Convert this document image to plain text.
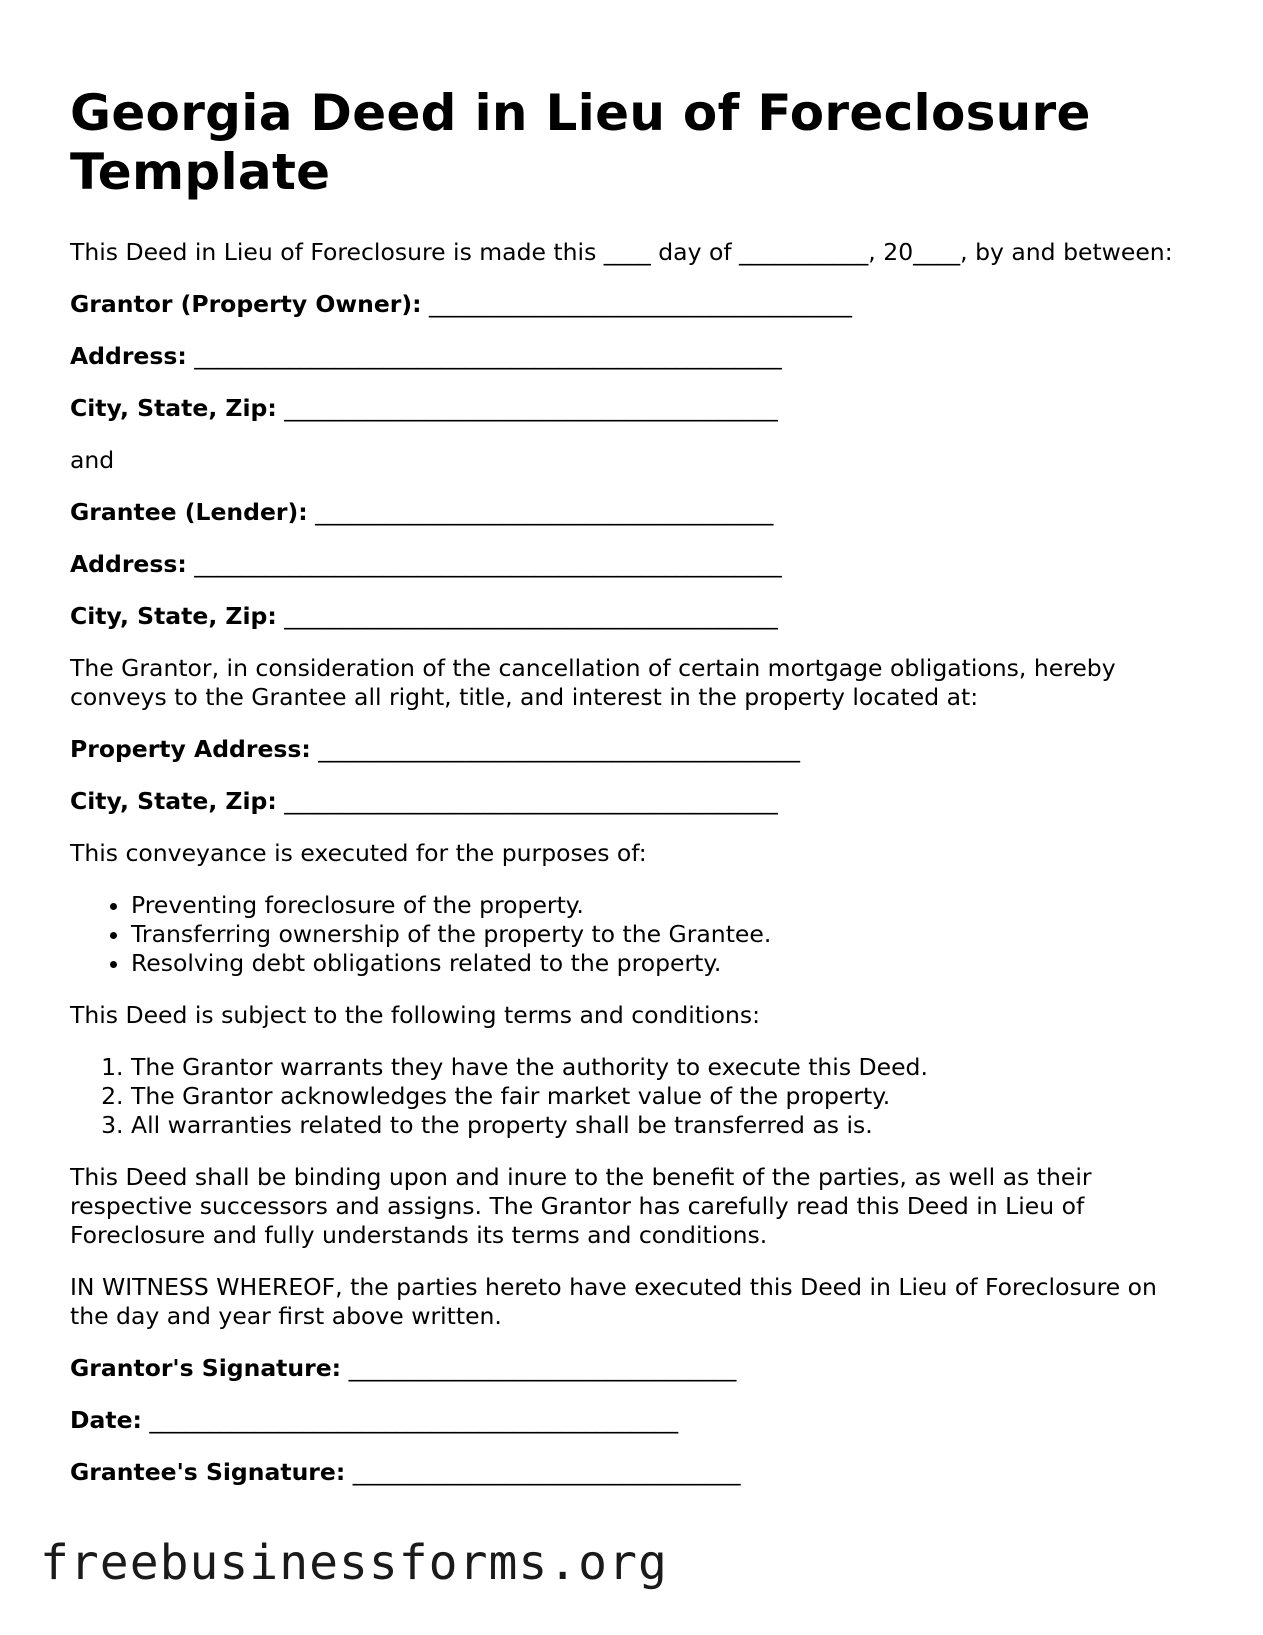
Georgia Deed in Lieu of Foreclosure Template

This Deed in Lieu of Foreclosure is made this ____ day of ___________, 20____, by and between:

Grantor (Property Owner): ____________________________________
Address: __________________________________________________
City, State, Zip: __________________________________________

and

Grantee (Lender): _______________________________________
Address: __________________________________________________
City, State, Zip: __________________________________________

The Grantor, in consideration of the cancellation of certain mortgage obligations, hereby conveys to the Grantee all right, title, and interest in the property located at:

Property Address: _________________________________________
City, State, Zip: __________________________________________

This conveyance is executed for the purposes of:

• Preventing foreclosure of the property.
• Transferring ownership of the property to the Grantee.
• Resolving debt obligations related to the property.

This Deed is subject to the following terms and conditions:

1. The Grantor warrants they have the authority to execute this Deed.
2. The Grantor acknowledges the fair market value of the property.
3. All warranties related to the property shall be transferred as is.

This Deed shall be binding upon and inure to the benefit of the parties, as well as their respective successors and assigns. The Grantor has carefully read this Deed in Lieu of Foreclosure and fully understands its terms and conditions.

IN WITNESS WHEREOF, the parties hereto have executed this Deed in Lieu of Foreclosure on the day and year first above written.

Grantor's Signature: _________________________________
Date: _____________________________________________
Grantee's Signature: _________________________________
freebusinessforms.org
